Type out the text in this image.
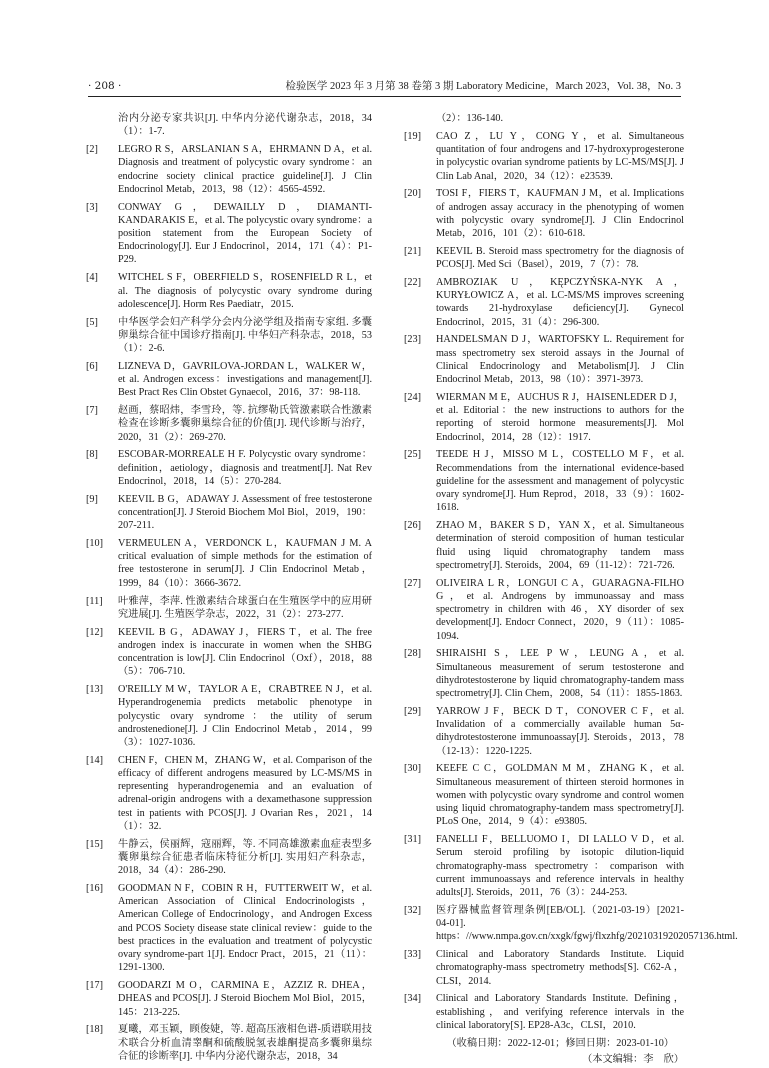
· 208 ·	检验医学 2023 年 3 月第 38 卷第 3 期 Laboratory Medicine，March 2023，Vol. 38，No. 3
治内分泌专家共识[J]. 中华内分泌代谢杂志，2018，34（1）：1-7.
[2] LEGRO R S，ARSLANIAN S A，EHRMANN D A，et al. Diagnosis and treatment of polycystic ovary syndrome：an endocrine society clinical practice guideline[J]. J Clin Endocrinol Metab，2013，98（12）：4565-4592.
[3] CONWAY G，DEWAILLY D，DIAMANTI-KANDARAKIS E，et al. The polycystic ovary syndrome：a position statement from the European Society of Endocrinology[J]. Eur J Endocrinol，2014，171（4）：P1-P29.
[4] WITCHEL S F，OBERFIELD S，ROSENFIELD R L，et al. The diagnosis of polycystic ovary syndrome during adolescence[J]. Horm Res Paediatr，2015.
[5] 中华医学会妇产科学分会内分泌学组及指南专家组. 多囊卵巢综合征中国诊疗指南[J]. 中华妇产科杂志，2018，53（1）：2-6.
[6] LIZNEVA D，GAVRILOVA-JORDAN L，WALKER W，et al. Androgen excess：investigations and management[J]. Best Pract Res Clin Obstet Gynaecol，2016，37：98-118.
[7] 赵画，蔡昭炜，李雪玲，等. 抗缪勒氏管激素联合性激素检查在诊断多囊卵巢综合征的价值[J]. 现代诊断与治疗，2020，31（2）：269-270.
[8] ESCOBAR-MORREALE H F. Polycystic ovary syndrome：definition，aetiology，diagnosis and treatment[J]. Nat Rev Endocrinol，2018，14（5）：270-284.
[9] KEEVIL B G，ADAWAY J. Assessment of free testosterone concentration[J]. J Steroid Biochem Mol Biol，2019，190：207-211.
[10] VERMEULEN A，VERDONCK L，KAUFMAN J M. A critical evaluation of simple methods for the estimation of free testosterone in serum[J]. J Clin Endocrinol Metab，1999，84（10）：3666-3672.
[11] 叶雅萍，李萍. 性激素结合球蛋白在生殖医学中的应用研究进展[J]. 生殖医学杂志，2022，31（2）：273-277.
[12] KEEVIL B G，ADAWAY J，FIERS T，et al. The free androgen index is inaccurate in women when the SHBG concentration is low[J]. Clin Endocrinol（Oxf），2018，88（5）：706-710.
[13] O'REILLY M W，TAYLOR A E，CRABTREE N J，et al. Hyperandrogenemia predicts metabolic phenotype in polycystic ovary syndrome：the utility of serum androstenedione[J]. J Clin Endocrinol Metab，2014，99（3）：1027-1036.
[14] CHEN F，CHEN M，ZHANG W，et al. Comparison of the efficacy of different androgens measured by LC-MS/MS in representing hyperandrogenemia and an evaluation of adrenal-origin androgens with a dexamethasone suppression test in patients with PCOS[J]. J Ovarian Res，2021，14（1）：32.
[15] 牛静云，侯丽辉，寇丽辉，等. 不同高雄激素血症表型多囊卵巢综合征患者临床特征分析[J]. 实用妇产科杂志，2018，34（4）：286-290.
[16] GOODMAN N F，COBIN R H，FUTTERWEIT W，et al. American Association of Clinical Endocrinologists，American College of Endocrinology，and Androgen Excess and PCOS Society disease state clinical review：guide to the best practices in the evaluation and treatment of polycystic ovary syndrome-part 1[J]. Endocr Pract，2015，21（11）：1291-1300.
[17] GOODARZI M O，CARMINA E，AZZIZ R. DHEA，DHEAS and PCOS[J]. J Steroid Biochem Mol Biol，2015，145：213-225.
[18] 夏曦，邓玉颖，顾俊婕，等. 超高压液相色谱-质谱联用技术联合分析血清睾酮和硫酸脱氢表雄酮提高多囊卵巢综合征的诊断率[J]. 中华内分泌代谢杂志，2018，34
（2）：136-140.
[19] CAO Z，LU Y，CONG Y，et al. Simultaneous quantitation of four androgens and 17-hydroxyprogesterone in polycystic ovarian syndrome patients by LC-MS/MS[J]. J Clin Lab Anal，2020，34（12）：e23539.
[20] TOSI F，FIERS T，KAUFMAN J M，et al. Implications of androgen assay accuracy in the phenotyping of women with polycystic ovary syndrome[J]. J Clin Endocrinol Metab，2016，101（2）：610-618.
[21] KEEVIL B. Steroid mass spectrometry for the diagnosis of PCOS[J]. Med Sci（Basel），2019，7（7）：78.
[22] AMBROZIAK U，KĘPCZYŃSKA-NYK A，KURYŁOWICZ A，et al. LC-MS/MS improves screening towards 21-hydroxylase deficiency[J]. Gynecol Endocrinol，2015，31（4）：296-300.
[23] HANDELSMAN D J，WARTOFSKY L. Requirement for mass spectrometry sex steroid assays in the Journal of Clinical Endocrinology and Metabolism[J]. J Clin Endocrinol Metab，2013，98（10）：3971-3973.
[24] WIERMAN M E，AUCHUS R J，HAISENLEDER D J，et al. Editorial：the new instructions to authors for the reporting of steroid hormone measurements[J]. Mol Endocrinol，2014，28（12）：1917.
[25] TEEDE H J，MISSO M L，COSTELLO M F，et al. Recommendations from the international evidence-based guideline for the assessment and management of polycystic ovary syndrome[J]. Hum Reprod，2018，33（9）：1602-1618.
[26] ZHAO M，BAKER S D，YAN X，et al. Simultaneous determination of steroid composition of human testicular fluid using liquid chromatography tandem mass spectrometry[J]. Steroids，2004，69（11-12）：721-726.
[27] OLIVEIRA L R，LONGUI C A，GUARAGNA-FILHO G，et al. Androgens by immunoassay and mass spectrometry in children with 46，XY disorder of sex development[J]. Endocr Connect，2020，9（11）：1085-1094.
[28] SHIRAISHI S，LEE P W，LEUNG A，et al. Simultaneous measurement of serum testosterone and dihydrotestosterone by liquid chromatography-tandem mass spectrometry[J]. Clin Chem，2008，54（11）：1855-1863.
[29] YARROW J F，BECK D T，CONOVER C F，et al. Invalidation of a commercially available human 5α-dihydrotestosterone immunoassay[J]. Steroids，2013，78（12-13）：1220-1225.
[30] KEEFE C C，GOLDMAN M M，ZHANG K，et al. Simultaneous measurement of thirteen steroid hormones in women with polycystic ovary syndrome and control women using liquid chromatography-tandem mass spectrometry[J]. PLoS One，2014，9（4）：e93805.
[31] FANELLI F，BELLUOMO I，DI LALLO V D，et al. Serum steroid profiling by isotopic dilution-liquid chromatography-mass spectrometry：comparison with current immunoassays and reference intervals in healthy adults[J]. Steroids，2011，76（3）：244-253.
[32] 医疗器械监督管理条例[EB/OL].（2021-03-19）[2021-04-01]. https：//www.nmpa.gov.cn/xxgk/fgwj/flxzhfg/20210319202057136.html.
[33] Clinical and Laboratory Standards Institute. Liquid chromatography-mass spectrometry methods[S]. C62-A，CLSI，2014.
[34] Clinical and Laboratory Standards Institute. Defining，establishing，and verifying reference intervals in the clinical laboratory[S]. EP28-A3c，CLSI，2010.
（收稿日期：2022-12-01；修回日期：2023-01-10）
（本文编辑：李　欣）
